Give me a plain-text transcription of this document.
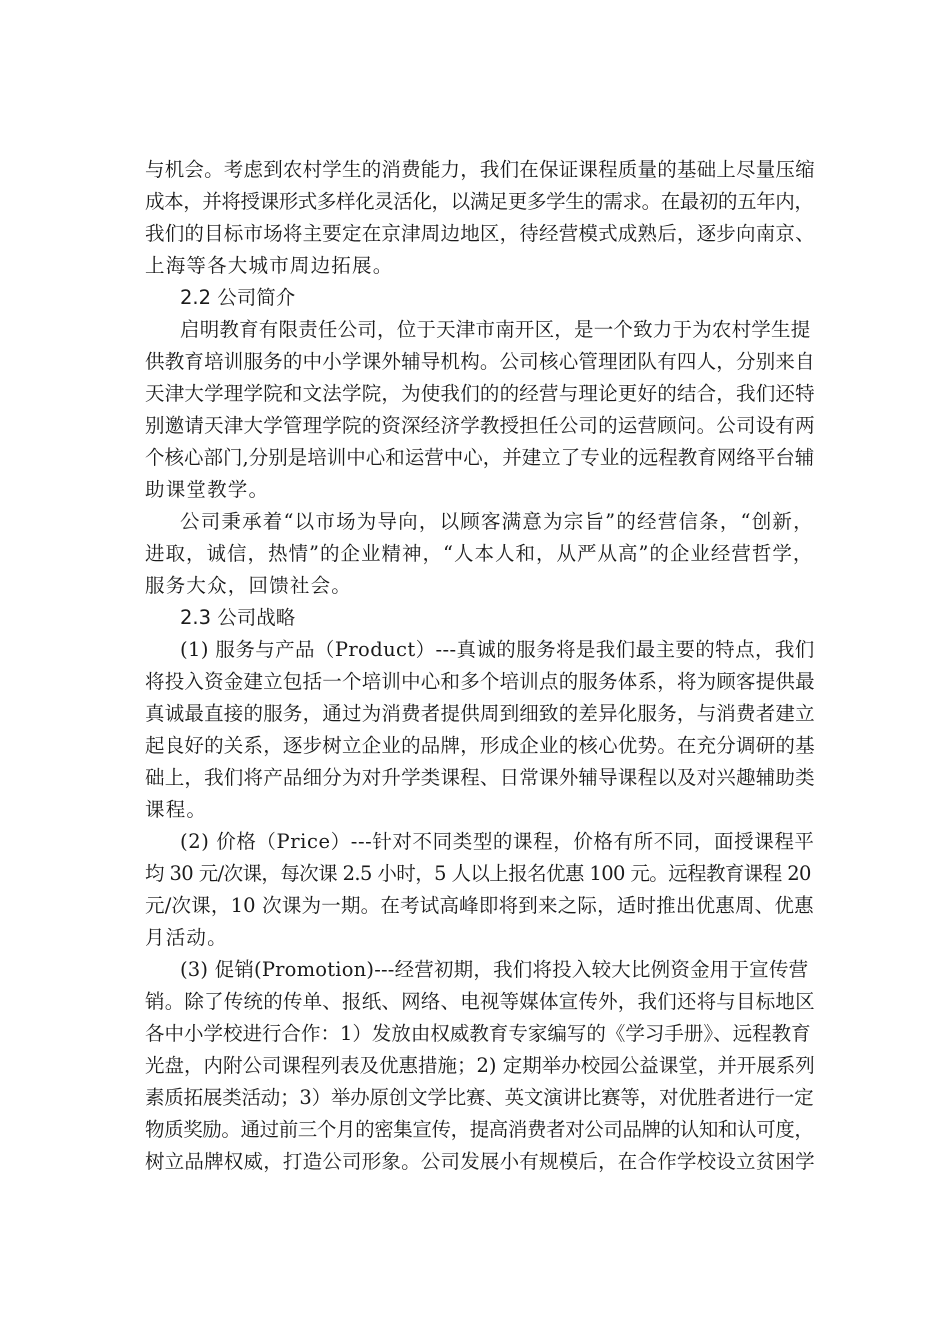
与机会。考虑到农村学生的消费能力，我们在保证课程质量的基础上尽量压缩
成本，并将授课形式多样化灵活化，以满足更多学生的需求。在最初的五年内，
我们的目标市场将主要定在京津周边地区，待经营模式成熟后，逐步向南京、
上海等各大城市周边拓展。
2.2 公司简介
启明教育有限责任公司，位于天津市南开区，是一个致力于为农村学生提
供教育培训服务的中小学课外辅导机构。公司核心管理团队有四人，分别来自
天津大学理学院和文法学院，为使我们的的经营与理论更好的结合，我们还特
别邀请天津大学管理学院的资深经济学教授担任公司的运营顾问。公司设有两
个核心部门,分别是培训中心和运营中心，并建立了专业的远程教育网络平台辅
助课堂教学。
公司秉承着“以市场为导向，以顾客满意为宗旨”的经营信条，“创新，
进取，诚信，热情”的企业精神，“人本人和，从严从高”的企业经营哲学，
服务大众，回馈社会。
2.3 公司战略
(1) 服务与产品（Product）---真诚的服务将是我们最主要的特点，我们
将投入资金建立包括一个培训中心和多个培训点的服务体系，将为顾客提供最
真诚最直接的服务，通过为消费者提供周到细致的差异化服务，与消费者建立
起良好的关系，逐步树立企业的品牌，形成企业的核心优势。在充分调研的基
础上，我们将产品细分为对升学类课程、日常课外辅导课程以及对兴趣辅助类
课程。
(2) 价格（Price）---针对不同类型的课程，价格有所不同，面授课程平
均 30 元/次课，每次课 2.5 小时，5 人以上报名优惠 100 元。远程教育课程 20
元/次课，10 次课为一期。在考试高峰即将到来之际，适时推出优惠周、优惠
月活动。
(3) 促销(Promotion)---经营初期，我们将投入较大比例资金用于宣传营
销。除了传统的传单、报纸、网络、电视等媒体宣传外，我们还将与目标地区
各中小学校进行合作：1）发放由权威教育专家编写的《学习手册》、远程教育
光盘，内附公司课程列表及优惠措施；2) 定期举办校园公益课堂，并开展系列
素质拓展类活动；3）举办原创文学比赛、英文演讲比赛等，对优胜者进行一定
物质奖励。通过前三个月的密集宣传，提高消费者对公司品牌的认知和认可度，
树立品牌权威，打造公司形象。公司发展小有规模后，在合作学校设立贫困学
